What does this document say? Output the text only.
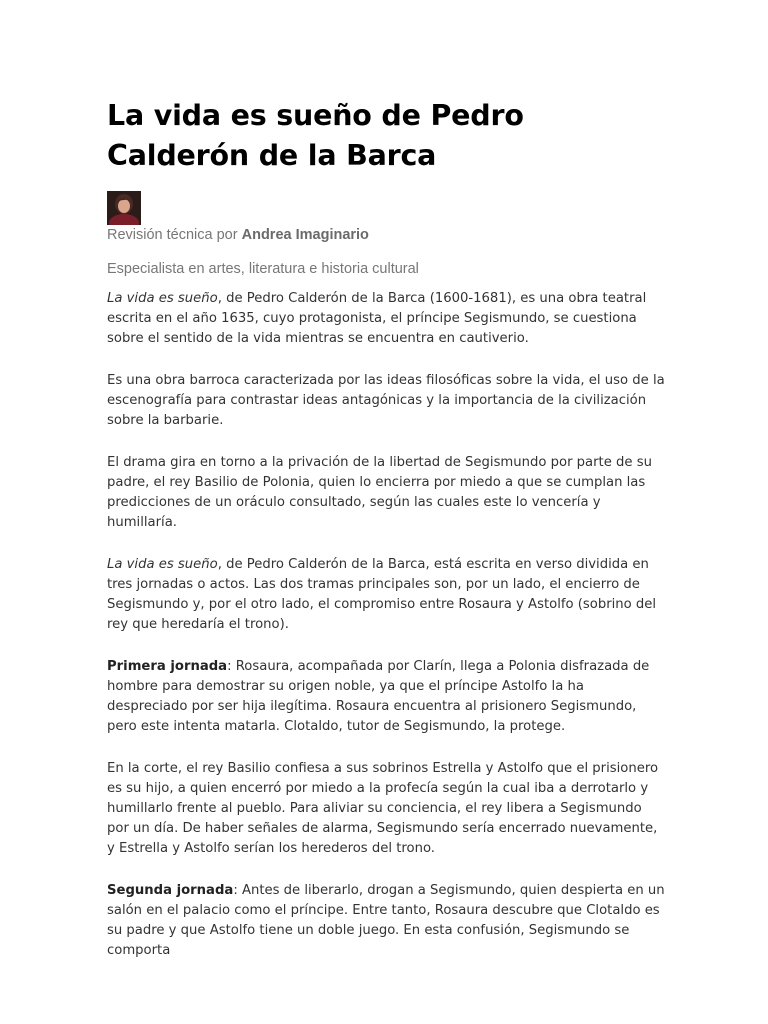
La vida es sueño de Pedro Calderón de la Barca
Revisión técnica por Andrea Imaginario
Especialista en artes, literatura e historia cultural

La vida es sueño, de Pedro Calderón de la Barca (1600-1681), es una obra teatral escrita en el año 1635, cuyo protagonista, el príncipe Segismundo, se cuestiona sobre el sentido de la vida mientras se encuentra en cautiverio.

Es una obra barroca caracterizada por las ideas filosóficas sobre la vida, el uso de la escenografía para contrastar ideas antagónicas y la importancia de la civilización sobre la barbarie.

El drama gira en torno a la privación de la libertad de Segismundo por parte de su padre, el rey Basilio de Polonia, quien lo encierra por miedo a que se cumplan las predicciones de un oráculo consultado, según las cuales este lo vencería y humillaría.

La vida es sueño, de Pedro Calderón de la Barca, está escrita en verso dividida en tres jornadas o actos. Las dos tramas principales son, por un lado, el encierro de Segismundo y, por el otro lado, el compromiso entre Rosaura y Astolfo (sobrino del rey que heredaría el trono).

Primera jornada: Rosaura, acompañada por Clarín, llega a Polonia disfrazada de hombre para demostrar su origen noble, ya que el príncipe Astolfo la ha despreciado por ser hija ilegítima. Rosaura encuentra al prisionero Segismundo, pero este intenta matarla. Clotaldo, tutor de Segismundo, la protege.

En la corte, el rey Basilio confiesa a sus sobrinos Estrella y Astolfo que el prisionero es su hijo, a quien encerró por miedo a la profecía según la cual iba a derrotarlo y humillarlo frente al pueblo. Para aliviar su conciencia, el rey libera a Segismundo por un día. De haber señales de alarma, Segismundo sería encerrado nuevamente, y Estrella y Astolfo serían los herederos del trono.

Segunda jornada: Antes de liberarlo, drogan a Segismundo, quien despierta en un salón en el palacio como el príncipe. Entre tanto, Rosaura descubre que Clotaldo es su padre y que Astolfo tiene un doble juego. En esta confusión, Segismundo se comporta
